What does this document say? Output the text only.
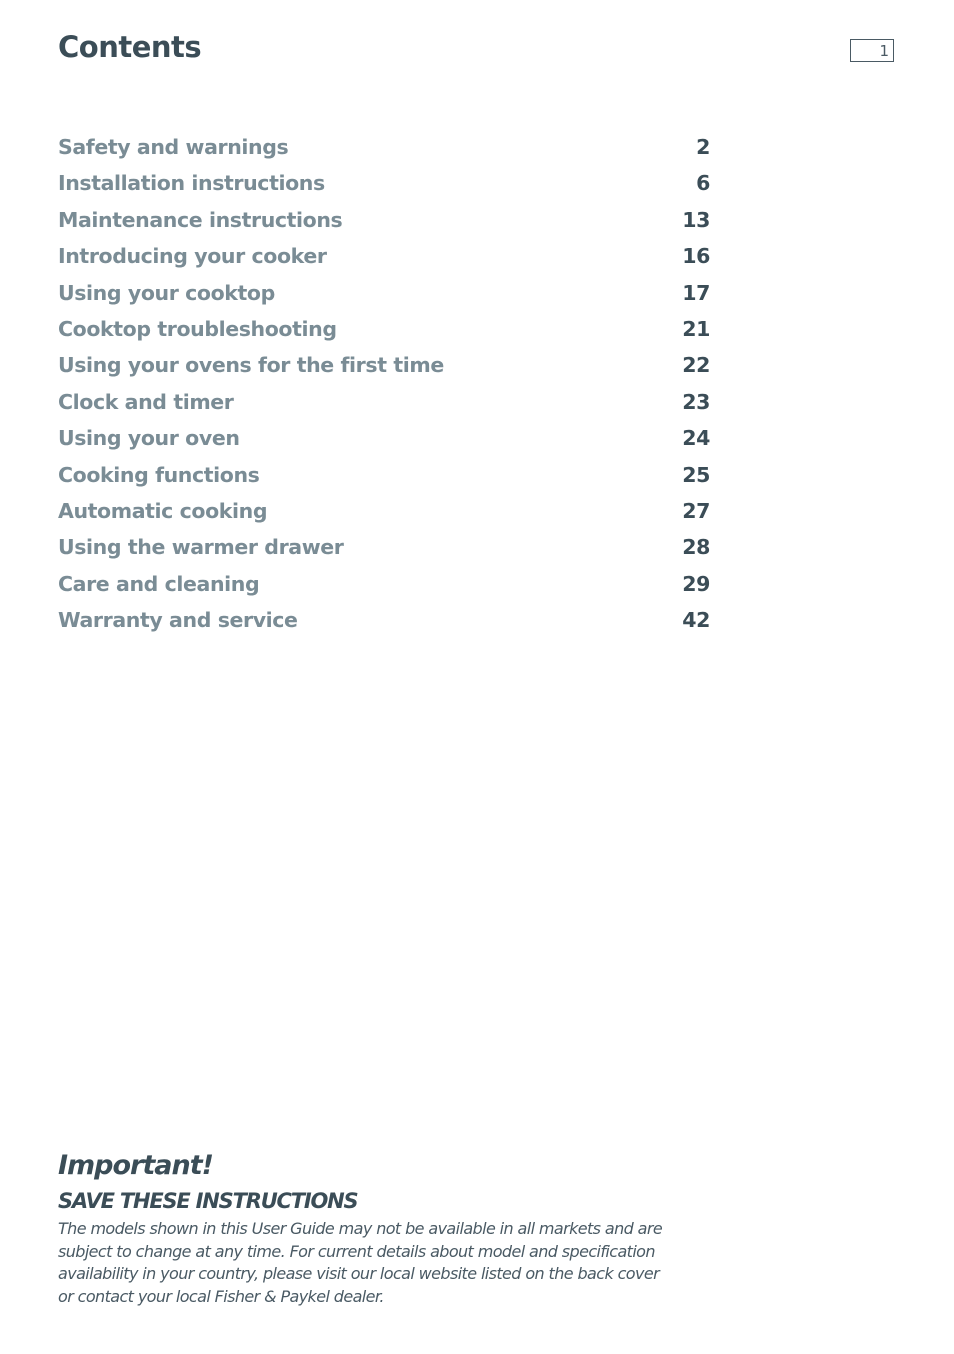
Contents	1
Safety and warnings	2
Installation instructions	6
Maintenance instructions	13
Introducing your cooker	16
Using your cooktop	17
Cooktop troubleshooting	21
Using your ovens for the first time	22
Clock and timer	23
Using your oven	24
Cooking functions	25
Automatic cooking	27
Using the warmer drawer	28
Care and cleaning	29
Warranty and service	42
Important!
SAVE THESE INSTRUCTIONS

The models shown in this User Guide may not be available in all markets and are
subject to change at any time. For current details about model and specification
availability in your country, please visit our local website listed on the back cover
or contact your local Fisher & Paykel dealer.
